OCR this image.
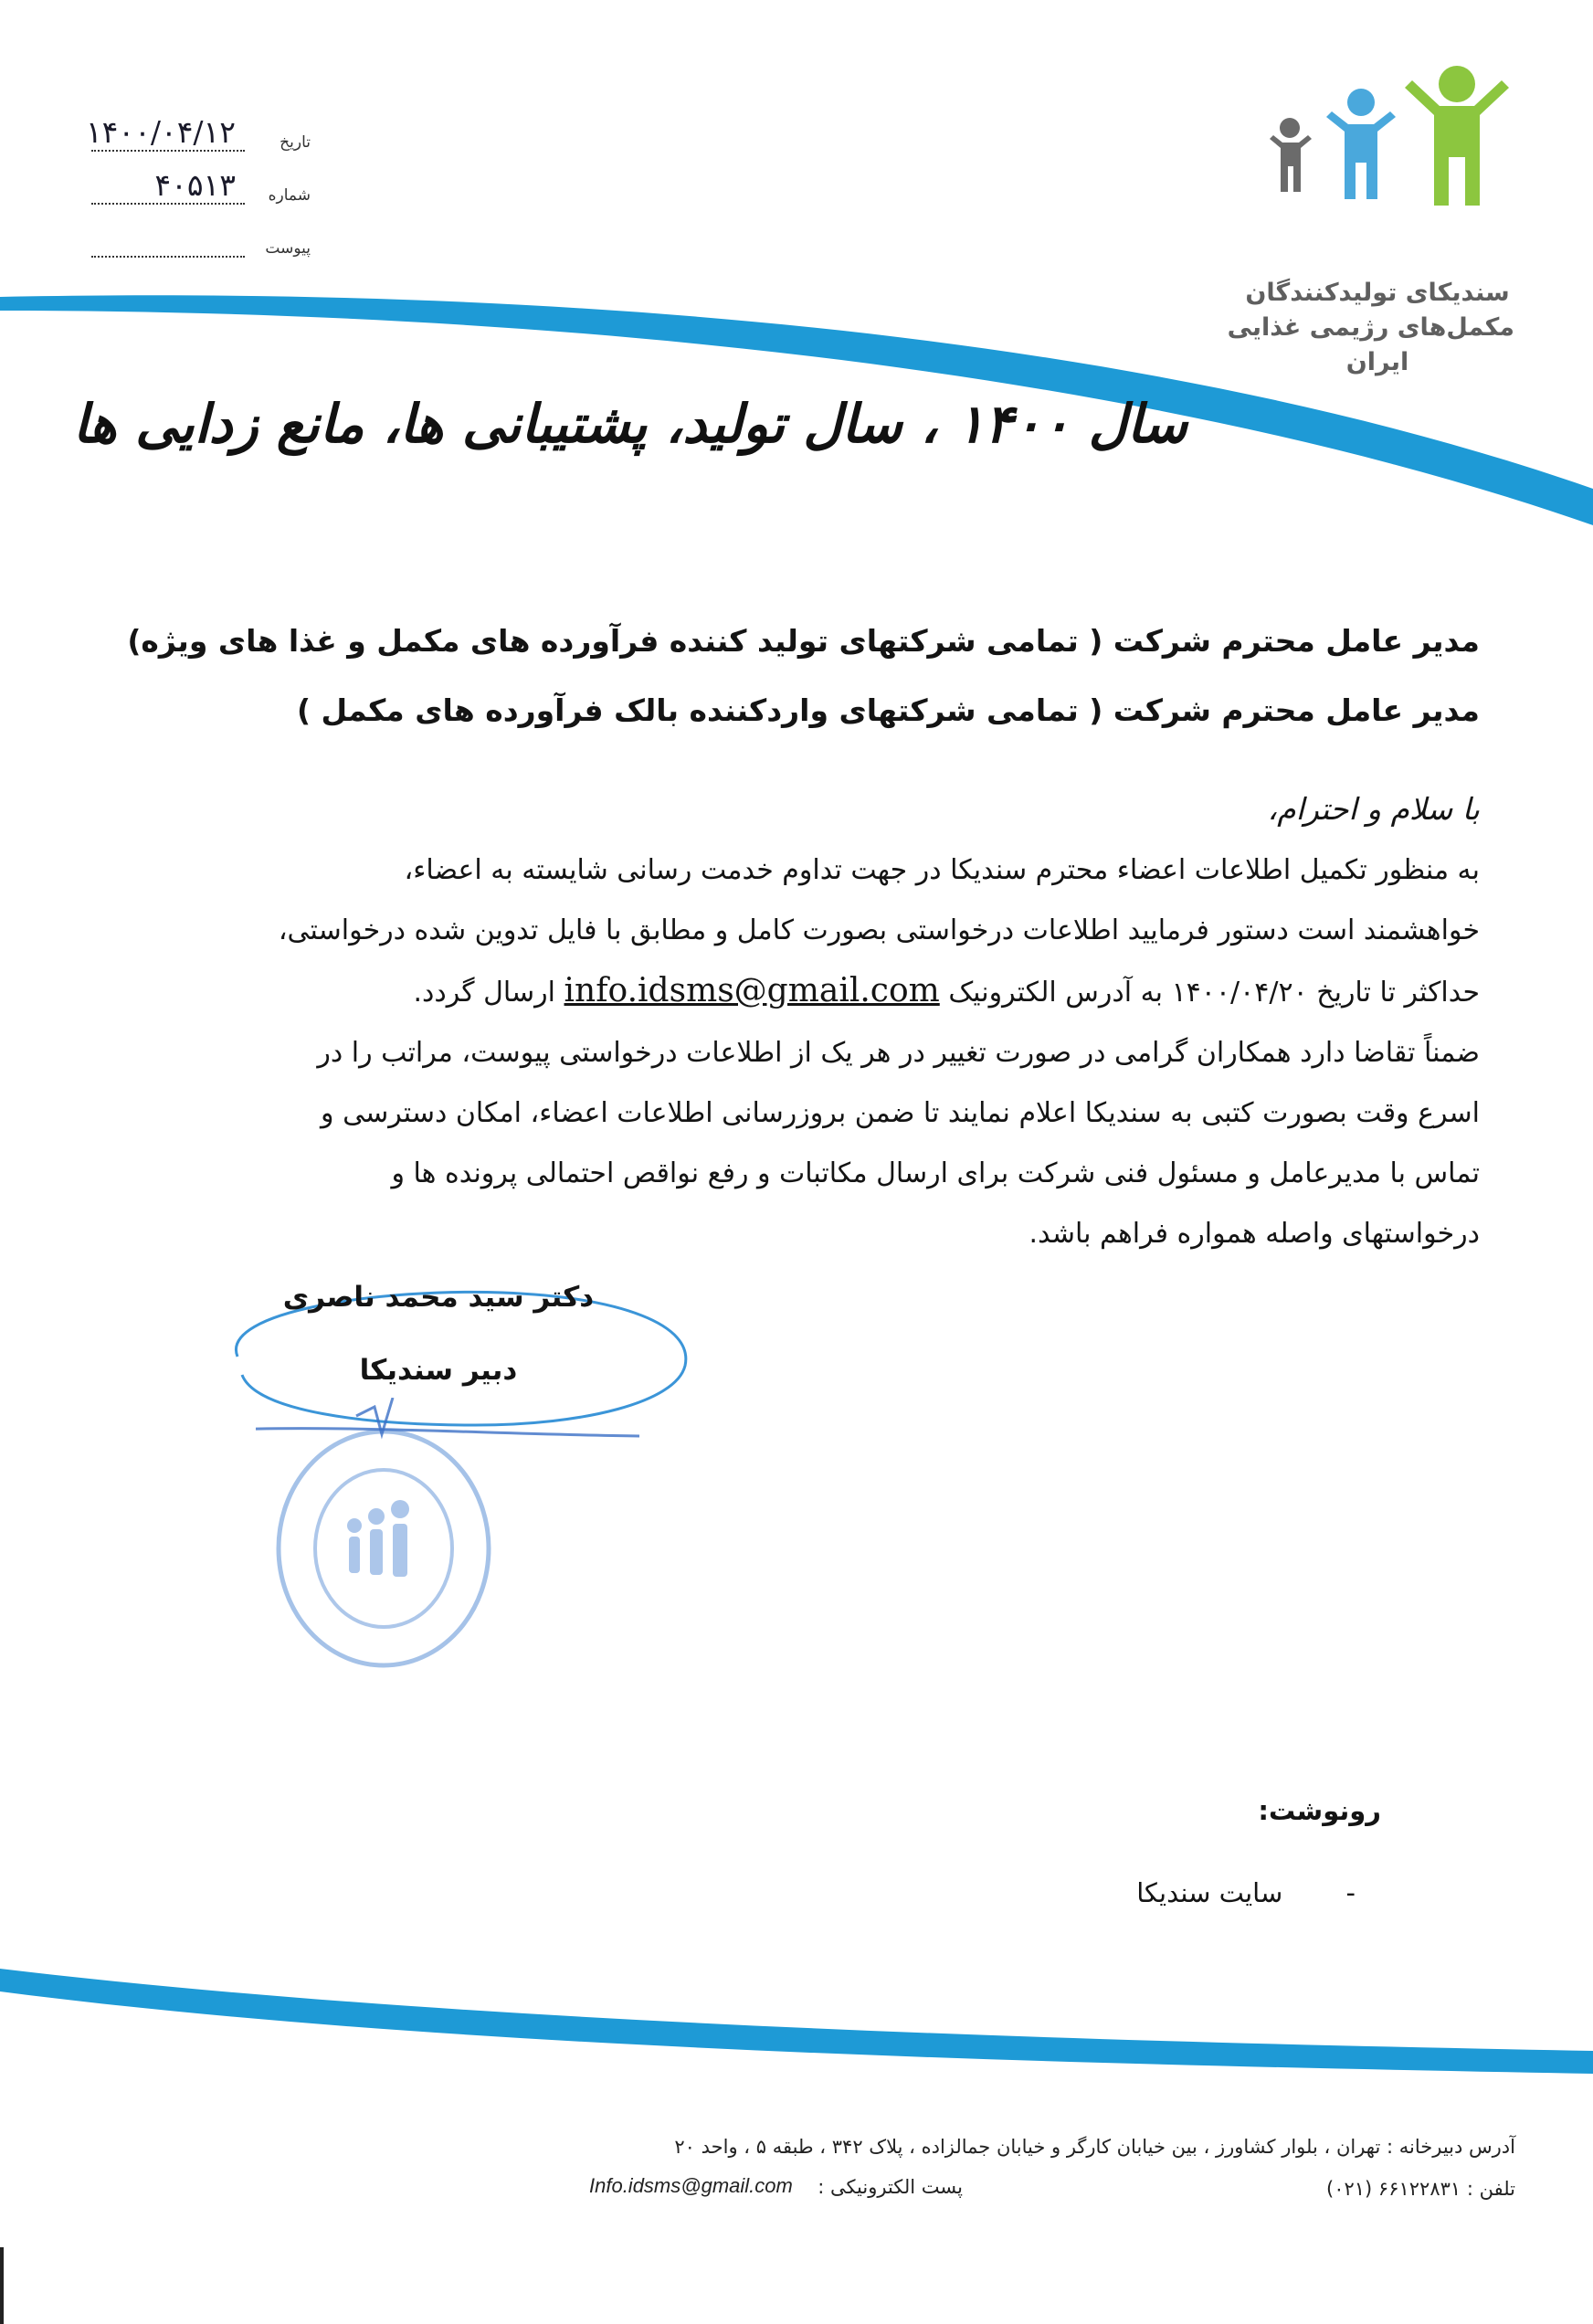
سندیکای تولیدکنندگان
مکمل‌های رژیمی غذایی
ایران
تاریخ
۱۴۰۰/۰۴/۱۲
شماره
۴۰۵۱۳
پیوست
سال ۱۴۰۰ ، سال تولید، پشتیبانی ها، مانع زدایی ها
مدیر عامل محترم شرکت ( تمامی شرکتهای تولید کننده فرآورده های مکمل و غذا های ویژه)
مدیر عامل محترم شرکت ( تمامی شرکتهای واردکننده بالک فرآورده های مکمل )
با سلام و احترام،
به منظور تکمیل اطلاعات اعضاء محترم سندیکا در جهت تداوم خدمت رسانی شایسته به اعضاء،
خواهشمند است دستور فرمایید اطلاعات درخواستی بصورت کامل و مطابق با فایل تدوین شده درخواستی،
حداکثر تا تاریخ ۱۴۰۰/۰۴/۲۰ به آدرس الکترونیک info.idsms@gmail.com ارسال گردد.
ضمناً تقاضا دارد همکاران گرامی در صورت تغییر در هر یک از اطلاعات درخواستی پیوست، مراتب را در
اسرع وقت بصورت کتبی به سندیکا اعلام نمایند تا ضمن بروزرسانی اطلاعات اعضاء، امکان دسترسی و
تماس با مدیرعامل و مسئول فنی شرکت برای ارسال مکاتبات و رفع نواقص احتمالی پرونده ها و
درخواستهای واصله همواره فراهم باشد.
دکتر سید محمد ناصری
دبیر سندیکا
رونوشت:
- سایت سندیکا
آدرس دبیرخانه : تهران ، بلوار کشاورز ، بین خیابان کارگر و خیابان جمالزاده ، پلاک ۳۴۲ ، طبقه ۵ ، واحد ۲۰
تلفن : ۶۶۱۲۲۸۳۱ (۰۲۱)
پست الکترونیکی :
Info.idsms@gmail.com
